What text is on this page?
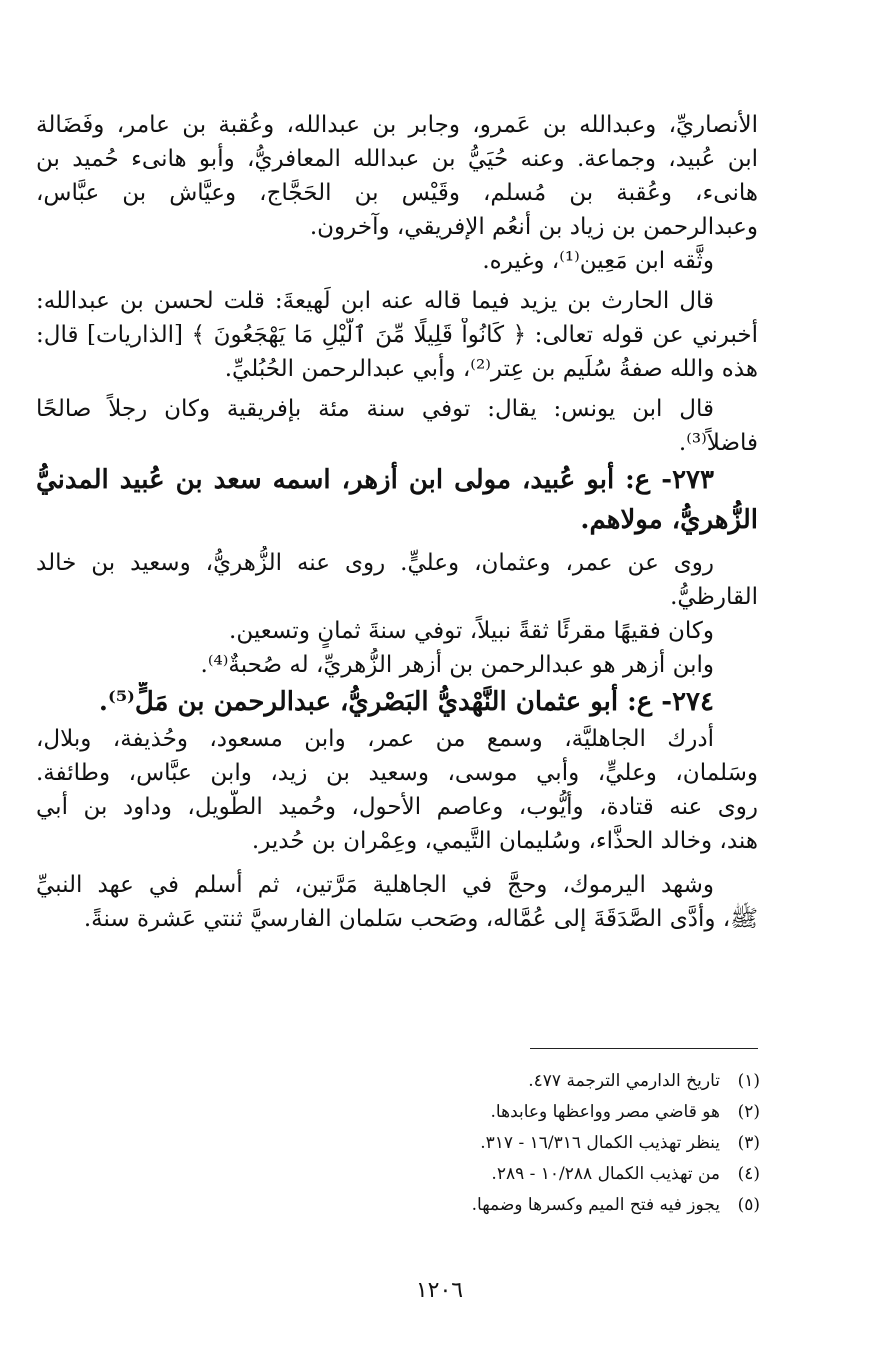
الأنصاريِّ، وعبدالله بن عَمرو، وجابر بن عبدالله، وعُقبة بن عامر، وفَضَالة
ابن عُبيد، وجماعة. وعنه حُيَيُّ بن عبدالله المعافريُّ، وأبو هانىء حُميد بن
هانىء، وعُقبة بن مُسلم، وقَيْس بن الحَجَّاج، وعيَّاش بن عبَّاس،
وعبدالرحمن بن زياد بن أنعُم الإفريقي، وآخرون.
وثَّقه ابن مَعِين⁽¹⁾، وغيره.
قال الحارث بن يزيد فيما قاله عنه ابن لَهيعةَ: قلت لحسن بن عبدالله:
أخبرني عن قوله تعالى: ﴿ كَانُواْ قَلِيلًا مِّنَ ٱلَّيْلِ مَا يَهْجَعُونَ ﴾ [الذاريات] قال:
هذه والله صفةُ سُلَيم بن عِتر⁽²⁾، وأبي عبدالرحمن الحُبُليِّ.
قال ابن يونس: يقال: توفي سنة مئة بإفريقية وكان رجلاً صالحًا
فاضلاً⁽³⁾.
٢٧٣- ع: أبو عُبيد، مولى ابن أزهر، اسمه سعد بن عُبيد المدنيُّ
الزُّهريُّ، مولاهم.
روى عن عمر، وعثمان، وعليٍّ. روى عنه الزُّهريُّ، وسعيد بن خالد
القارظيُّ.
وكان فقيهًا مقرئًا ثقةً نبيلاً، توفي سنةَ ثمانٍ وتسعين.
وابن أزهر هو عبدالرحمن بن أزهر الزُّهريِّ، له صُحبةٌ⁽⁴⁾.
٢٧٤- ع: أبو عثمان النَّهْديُّ البَصْريُّ، عبدالرحمن بن مَلٍّ⁽⁵⁾.
أدرك الجاهليَّة، وسمع من عمر، وابن مسعود، وحُذيفة، وبلال،
وسَلمان، وعليٍّ، وأبي موسى، وسعيد بن زيد، وابن عبَّاس، وطائفة.
روى عنه قتادة، وأيُّوب، وعاصم الأحول، وحُميد الطَّويل، وداود بن أبي
هند، وخالد الحذَّاء، وسُليمان التَّيمي، وعِمْران بن حُدير.
وشهد اليرموك، وحجَّ في الجاهلية مَرَّتين، ثم أسلم في عهد النبيِّ
ﷺ، وأدَّى الصَّدَقَةَ إلى عُمَّاله، وصَحب سَلمان الفارسيَّ ثنتي عَشرة سنةً.
(١)
تاريخ الدارمي الترجمة ٤٧٧.
(٢)
هو قاضي مصر وواعظها وعابدها.
(٣)
ينظر تهذيب الكمال ١٦/٣١٦ - ٣١٧.
(٤)
من تهذيب الكمال ١٠/٢٨٨ - ٢٨٩.
(٥)
يجوز فيه فتح الميم وكسرها وضمها.
١٢٠٦
